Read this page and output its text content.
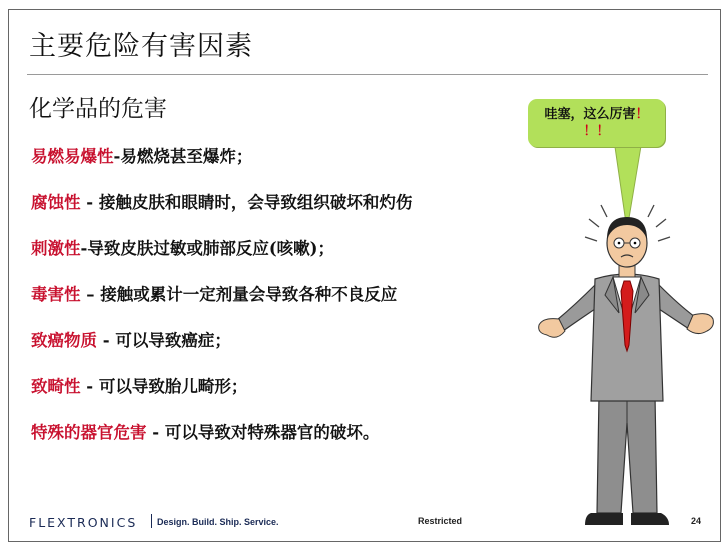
主要危险有害因素
化学品的危害
易燃易爆性-易燃烧甚至爆炸；
腐蚀性 - 接触皮肤和眼睛时，会导致组织破坏和灼伤
刺激性-导致皮肤过敏或肺部反应(咳嗽)；
毒害性 – 接触或累计一定剂量会导致各种不良反应
致癌物质 - 可以导致癌症；
致畸性 - 可以导致胎儿畸形；
特殊的器官危害 - 可以导致对特殊器官的破坏。
哇塞，这么厉害！
！！
FLEXTRONICS Design. Build. Ship. Service.	Restricted	24
